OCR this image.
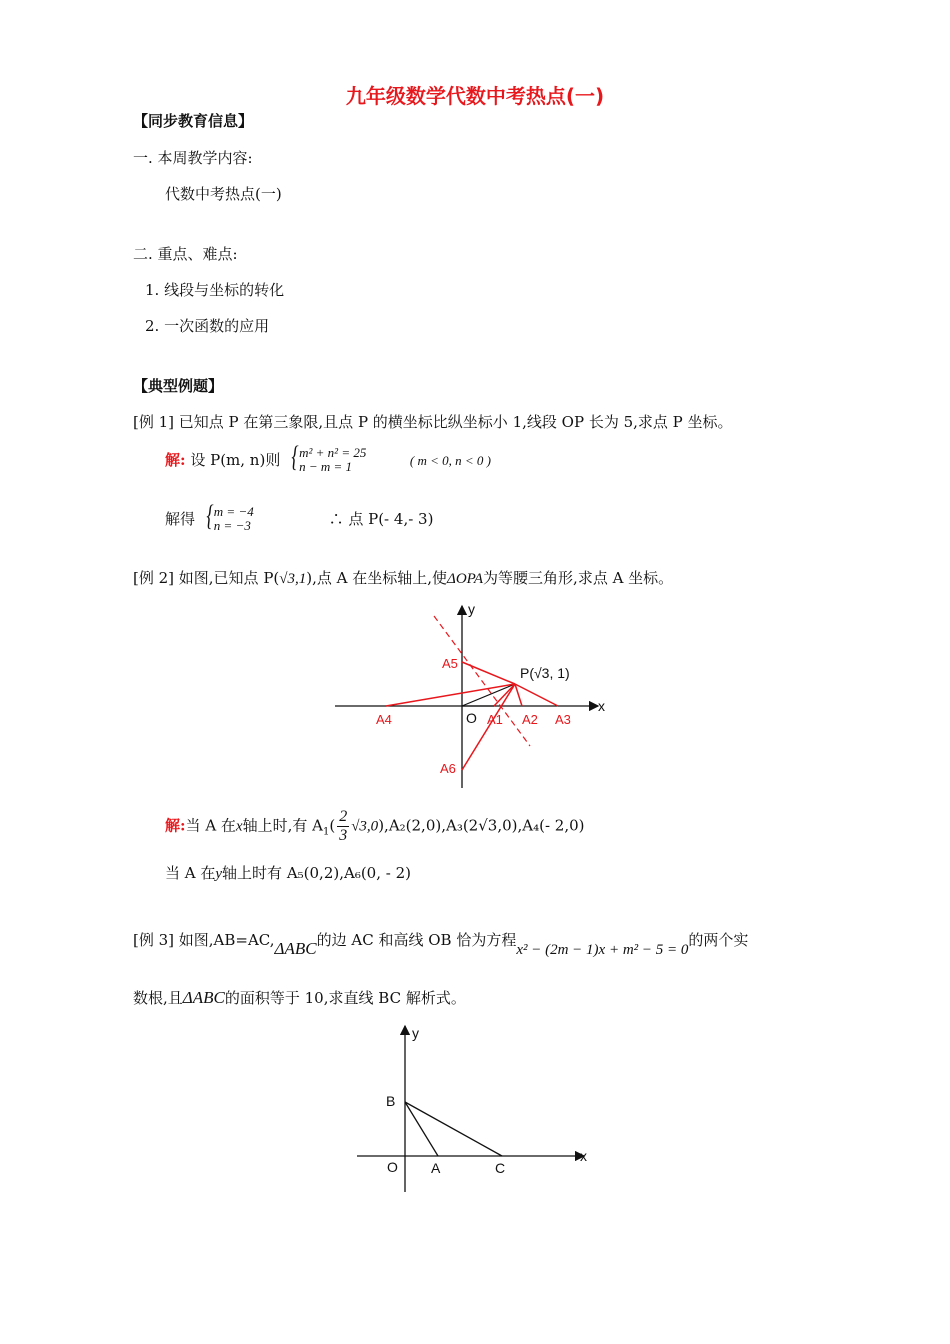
九年级数学代数中考热点(一)
【同步教育信息】
一. 本周教学内容:
代数中考热点(一)
二. 重点、难点:
1. 线段与坐标的转化
2. 一次函数的应用
【典型例题】
[例 1] 已知点 P 在第三象限,且点 P 的横坐标比纵坐标小 1,线段 OP 长为 5,求点 P 坐标。
解: 设 P(m, n)则 { m² + n² = 25
n − m = 1	( m < 0, n < 0 )
解得 { m = −4
n = −3	∴ 点 P(- 4,- 3)
[例 2] 如图,已知点 P(√3,1),点 A 在坐标轴上,使ΔOPA为等腰三角形,求点 A 坐标。
y
x
O
P(√3, 1)
A1 A2 A3
A4
A5
A6
解:当 A 在x轴上时,有 $A_1( \frac{2}{3} √3,0),A_2(2,0),A_3(2√3,0),A_4(-$ 2,0)
当 A 在y轴上时有 A₅(0,2),A₆(0, - 2)
[例 3] 如图,AB=AC,ΔABC的边 AC 和高线 OB 恰为方程x² − (2m − 1)x + m² − 5 = 0的两个实
数根,且ΔABC的面积等于 10,求直线 BC 解析式。
y
x
O
B
A	C
